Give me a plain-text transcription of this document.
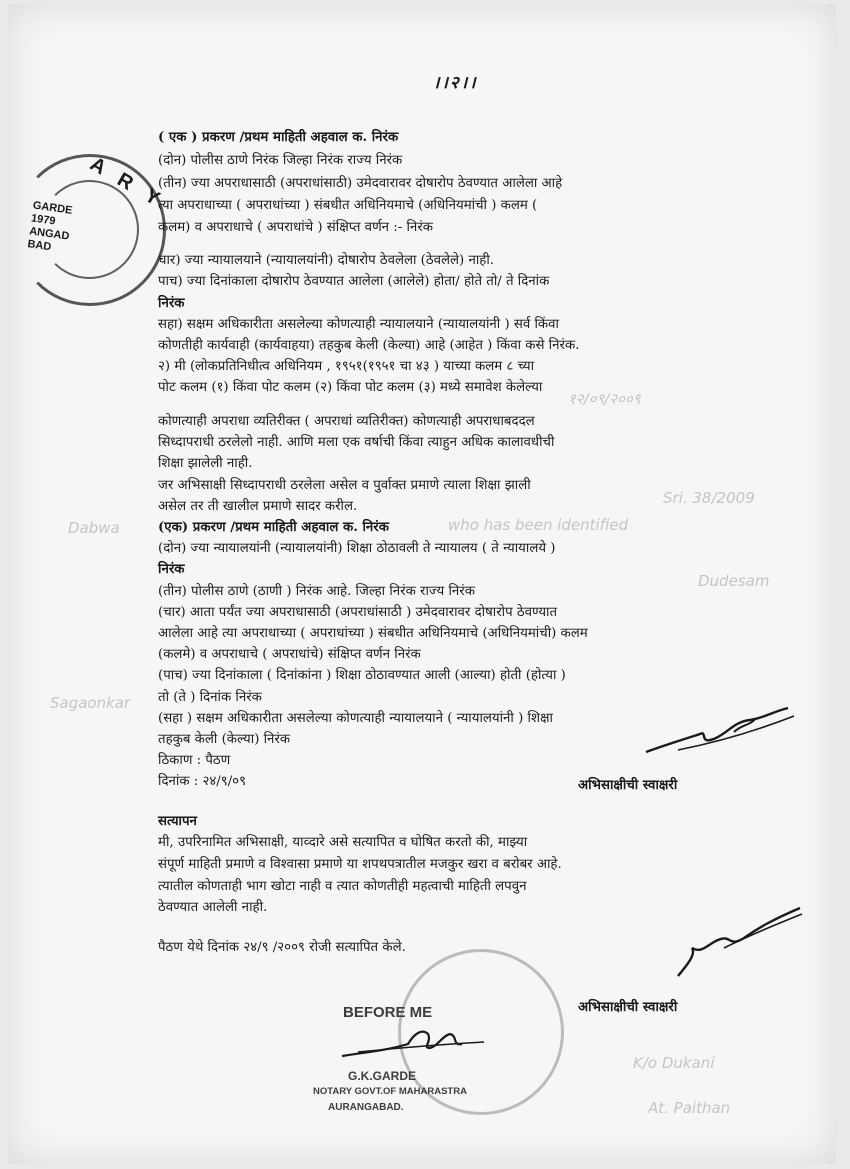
१२/०९/२००९
who has been identified
Sri. 38/2009
Dabwa
Dudesam
Sagaonkar
K/o Dukani
At. Paithan
A R Y
GARDE
1979
ANGAD
BAD
।।२।।
( एक ) प्रकरण /प्रथम माहिती अहवाल क. निरंक
(दोन) पोलीस ठाणे निरंक जिल्हा निरंक राज्य निरंक
(तीन) ज्या अपराधासाठी (अपराधांसाठी) उमेदवारावर दोषारोप ठेवण्यात आलेला आहे
त्या अपराधाच्या ( अपराधांच्या ) संबधीत अधिनियमाचे (अधिनियमांची ) कलम (
कलम) व अपराधाचे ( अपराधांचे ) संक्षिप्त वर्णन :- निरंक
चार) ज्या न्यायालयाने (न्यायालयांनी) दोषारोप ठेवलेला (ठेवलेले) नाही.
पाच) ज्या दिनांकाला दोषारोप ठेवण्यात आलेला (आलेले) होता/ होते तो/ ते दिनांक
निरंक
सहा) सक्षम अधिकारीता असलेल्या कोणत्याही न्यायालयाने (न्यायालयांनी ) सर्व किंवा
कोणतीही कार्यवाही (कार्यवाहया) तहकुब केली (केल्या) आहे (आहेत ) किंवा कसे निरंक.
२) मी (लोकप्रतिनिधीत्व अधिनियम , १९५१(१९५१ चा ४३ ) याच्या कलम ८ च्या
पोट कलम (१) किंवा पोट कलम (२) किंवा पोट कलम (३) मध्ये समावेश केलेल्या
कोणत्याही अपराधा व्यतिरीक्त ( अपराधां व्यतिरीक्त) कोणत्याही अपराधाबददल
सिध्दापराधी ठरलेलो नाही. आणि मला एक वर्षाची किंवा त्याहुन अधिक कालावधीची
शिक्षा झालेली नाही.
जर अभिसाक्षी सिध्दापराधी ठरलेला असेल व पुर्वाक्त प्रमाणे त्याला शिक्षा झाली
असेल तर ती खालील प्रमाणे सादर करील.
(एक) प्रकरण /प्रथम माहिती अहवाल क. निरंक
(दोन) ज्या न्यायालयांनी (न्यायालयांनी) शिक्षा ठोठावली ते न्यायालय ( ते न्यायालये )
निरंक
(तीन) पोलीस ठाणे (ठाणी ) निरंक आहे. जिल्हा निरंक राज्य निरंक
(चार) आता पर्यंत ज्या अपराधासाठी (अपराधांसाठी ) उमेदवारावर दोषारोप ठेवण्यात
आलेला आहे त्या अपराधाच्या ( अपराधांच्या ) संबधीत अधिनियमाचे (अधिनियमांची) कलम
(कलमे) व अपराधाचे ( अपराधांचे) संक्षिप्त वर्णन निरंक
(पाच) ज्या दिनांकाला ( दिनांकांना ) शिक्षा ठोठावण्यात आली (आल्या) होती (होत्या )
तो (ते ) दिनांक निरंक
(सहा ) सक्षम अधिकारीता असलेल्या कोणत्याही न्यायालयाने ( न्यायालयांनी ) शिक्षा
तहकुब केली (केल्या) निरंक
ठिकाण : पैठण
दिनांक : २४/९/०९	अभिसाक्षीची स्वाक्षरी
सत्यापन
मी, उपरिनामित अभिसाक्षी, याव्दारे असे सत्यापित व घोषित करतो की, माझ्या
संपूर्ण माहिती प्रमाणे व विश्वासा प्रमाणे या शपथपत्रातील मजकुर खरा व बरोबर आहे.
त्यातील कोणताही भाग खोटा नाही व त्यात कोणतीही महत्वाची माहिती लपवुन
ठेवण्यात आलेली नाही.
पैठण येथे दिनांक २४/९ /२००९ रोजी सत्यापित केले.
अभिसाक्षीची स्वाक्षरी
BEFORE ME
G.K.GARDE
NOTARY GOVT.OF MAHARASTRA
AURANGABAD.
